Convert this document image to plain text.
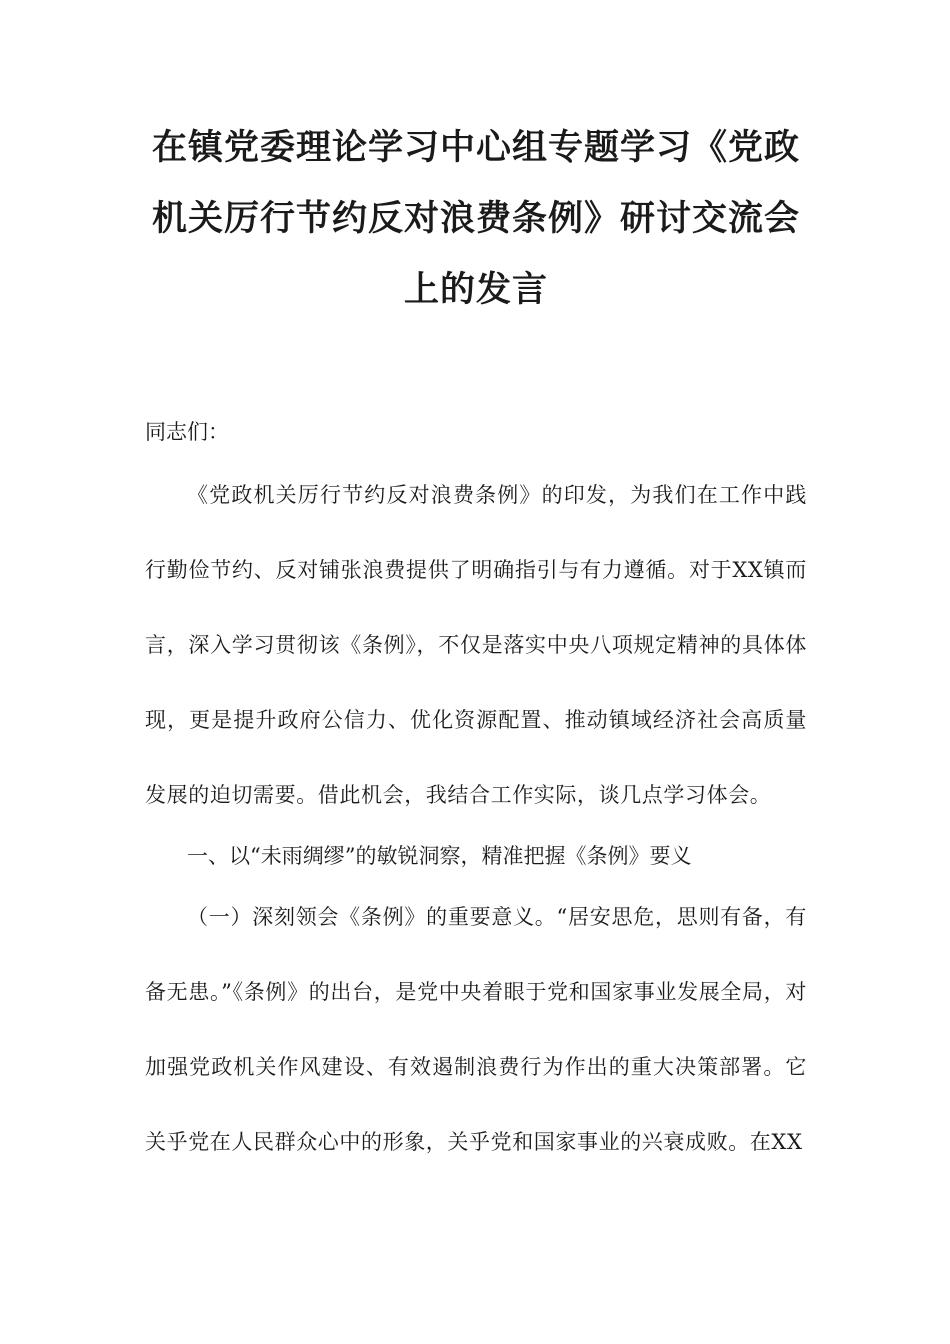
在镇党委理论学习中心组专题学习《党政机关厉行节约反对浪费条例》研讨交流会上的发言

同志们：

《党政机关厉行节约反对浪费条例》的印发，为我们在工作中践行勤俭节约、反对铺张浪费提供了明确指引与有力遵循。对于XX镇而言，深入学习贯彻该《条例》，不仅是落实中央八项规定精神的具体体现，更是提升政府公信力、优化资源配置、推动镇域经济社会高质量发展的迫切需要。借此机会，我结合工作实际，谈几点学习体会。

一、以“未雨绸缪”的敏锐洞察，精准把握《条例》要义

（一）深刻领会《条例》的重要意义。“居安思危，思则有备，有备无患。”《条例》的出台，是党中央着眼于党和国家事业发展全局，对加强党政机关作风建设、有效遏制浪费行为作出的重大决策部署。它关乎党在人民群众心中的形象，关乎党和国家事业的兴衰成败。在XX
